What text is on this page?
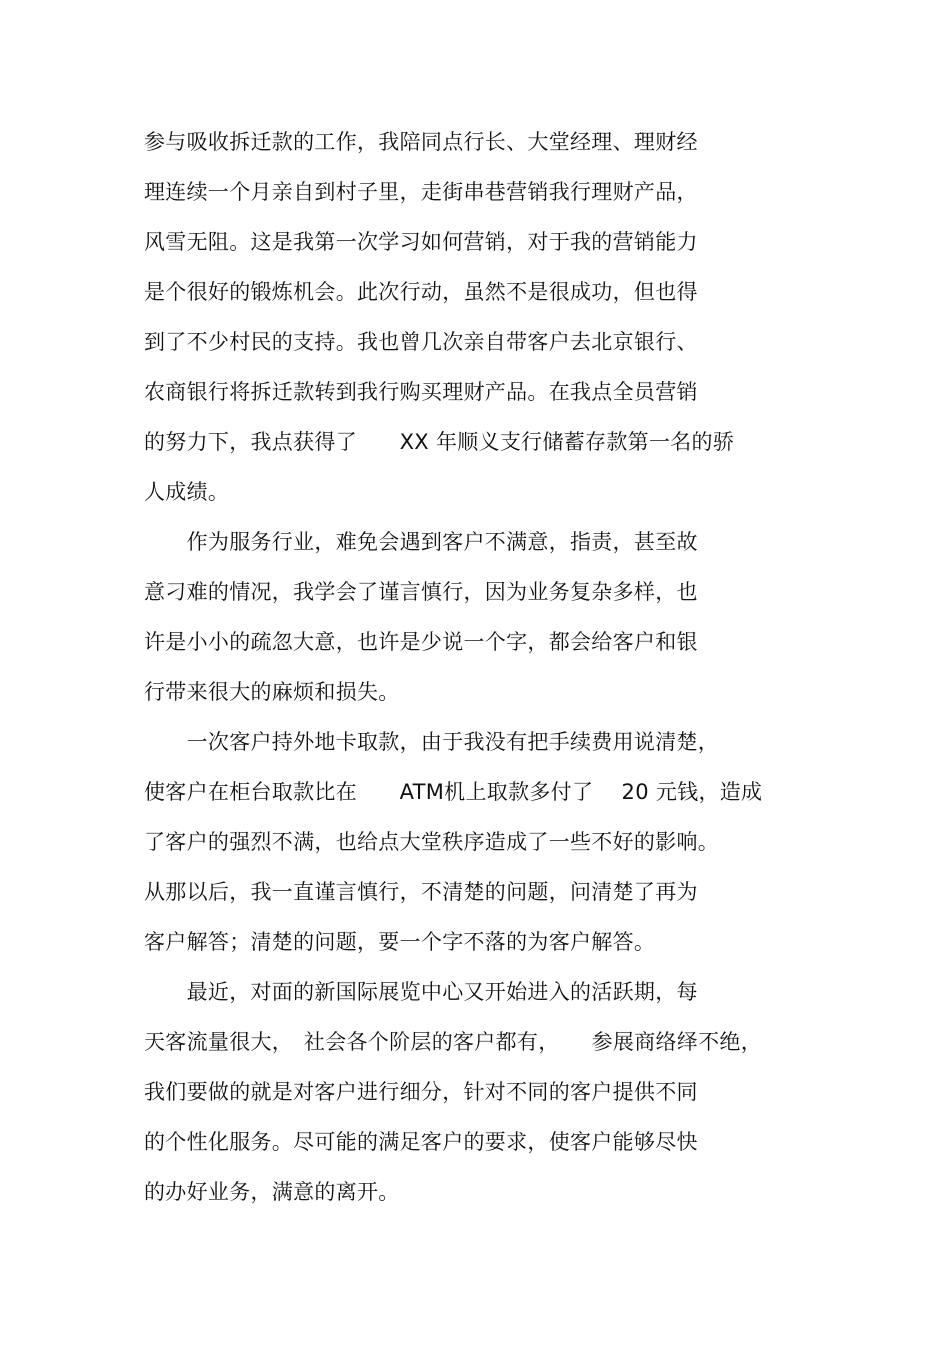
参与吸收拆迁款的工作，我陪同点行长、大堂经理、理财经
理连续一个月亲自到村子里，走街串巷营销我行理财产品，
风雪无阻。这是我第一次学习如何营销，对于我的营销能力
是个很好的锻炼机会。此次行动，虽然不是很成功，但也得
到了不少村民的支持。我也曾几次亲自带客户去北京银行、
农商银行将拆迁款转到我行购买理财产品。在我点全员营销
的努力下，我点获得了　　XX 年顺义支行储蓄存款第一名的骄
人成绩。
　　作为服务行业，难免会遇到客户不满意，指责，甚至故
意刁难的情况，我学会了谨言慎行，因为业务复杂多样，也
许是小小的疏忽大意，也许是少说一个字，都会给客户和银
行带来很大的麻烦和损失。
　　一次客户持外地卡取款，由于我没有把手续费用说清楚，
使客户在柜台取款比在　　ATM机上取款多付了　 20 元钱，造成
了客户的强烈不满，也给点大堂秩序造成了一些不好的影响。
从那以后，我一直谨言慎行，不清楚的问题，问清楚了再为
客户解答；清楚的问题，要一个字不落的为客户解答。
　　最近，对面的新国际展览中心又开始进入的活跃期，每
天客流量很大，　社会各个阶层的客户都有，　　参展商络绎不绝，
我们要做的就是对客户进行细分，针对不同的客户提供不同
的个性化服务。尽可能的满足客户的要求，使客户能够尽快
的办好业务，满意的离开。
